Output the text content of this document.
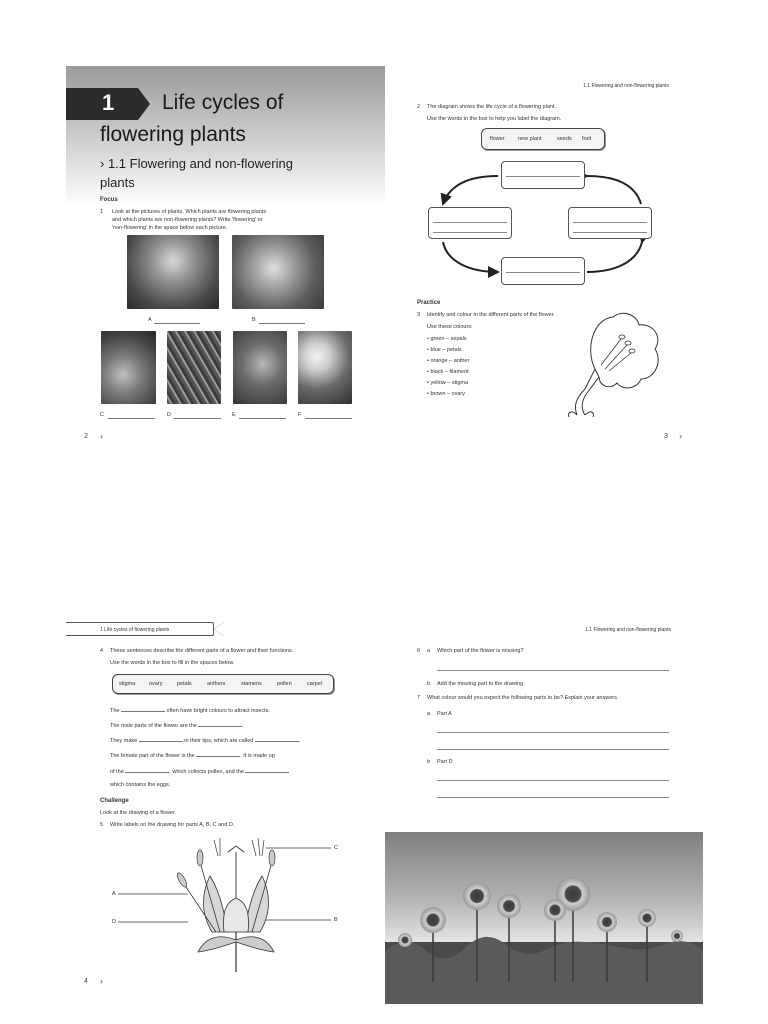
1 Life cycles of
flowering plants
› 1.1 Flowering and non-flowering
plants
Focus
1 Look at the pictures of plants. Which plants are flowering plants
and which plants are non-flowering plants? Write 'flowering' or
'non-flowering' in the space below each picture.
A	B
C	D	E	F
2 ›
1.1 Flowering and non-flowering plants
2 The diagram shows the life cycle of a flowering plant.
Use the words in the box to help you label the diagram.
flower new plant	seeds fruit
Practice
3 Identify and colour in the different parts of the flower.
Use these colours:
• green – sepals
• blue – petals
• orange – anther
• black – filament
• yellow – stigma
• brown – ovary
3 ›
1 Life cycles of flowering plants
4 These sentences describe the different parts of a flower and their functions.
Use the words in the box to fill in the spaces below.
stigma	ovary	petals	anthers	stamens	pollen	carpel
The	often have bright colours to attract insects.
The male parts of the flower are the	.
They make	in their tips, which are called	.
The female part of the flower is the	. It is made up
of the	, which collects pollen, and the
which contains the eggs.
Challenge
Look at the drawing of a flower.
5 Write labels on the drawing for parts A, B, C and D.
C
A
D	B
4 ›
1.1 Flowering and non-flowering plants
6 a Which part of the flower is missing?
b Add the missing part to the drawing.
7 What colour would you expect the following parts to be? Explain your answers.
a Part A
b Part D
